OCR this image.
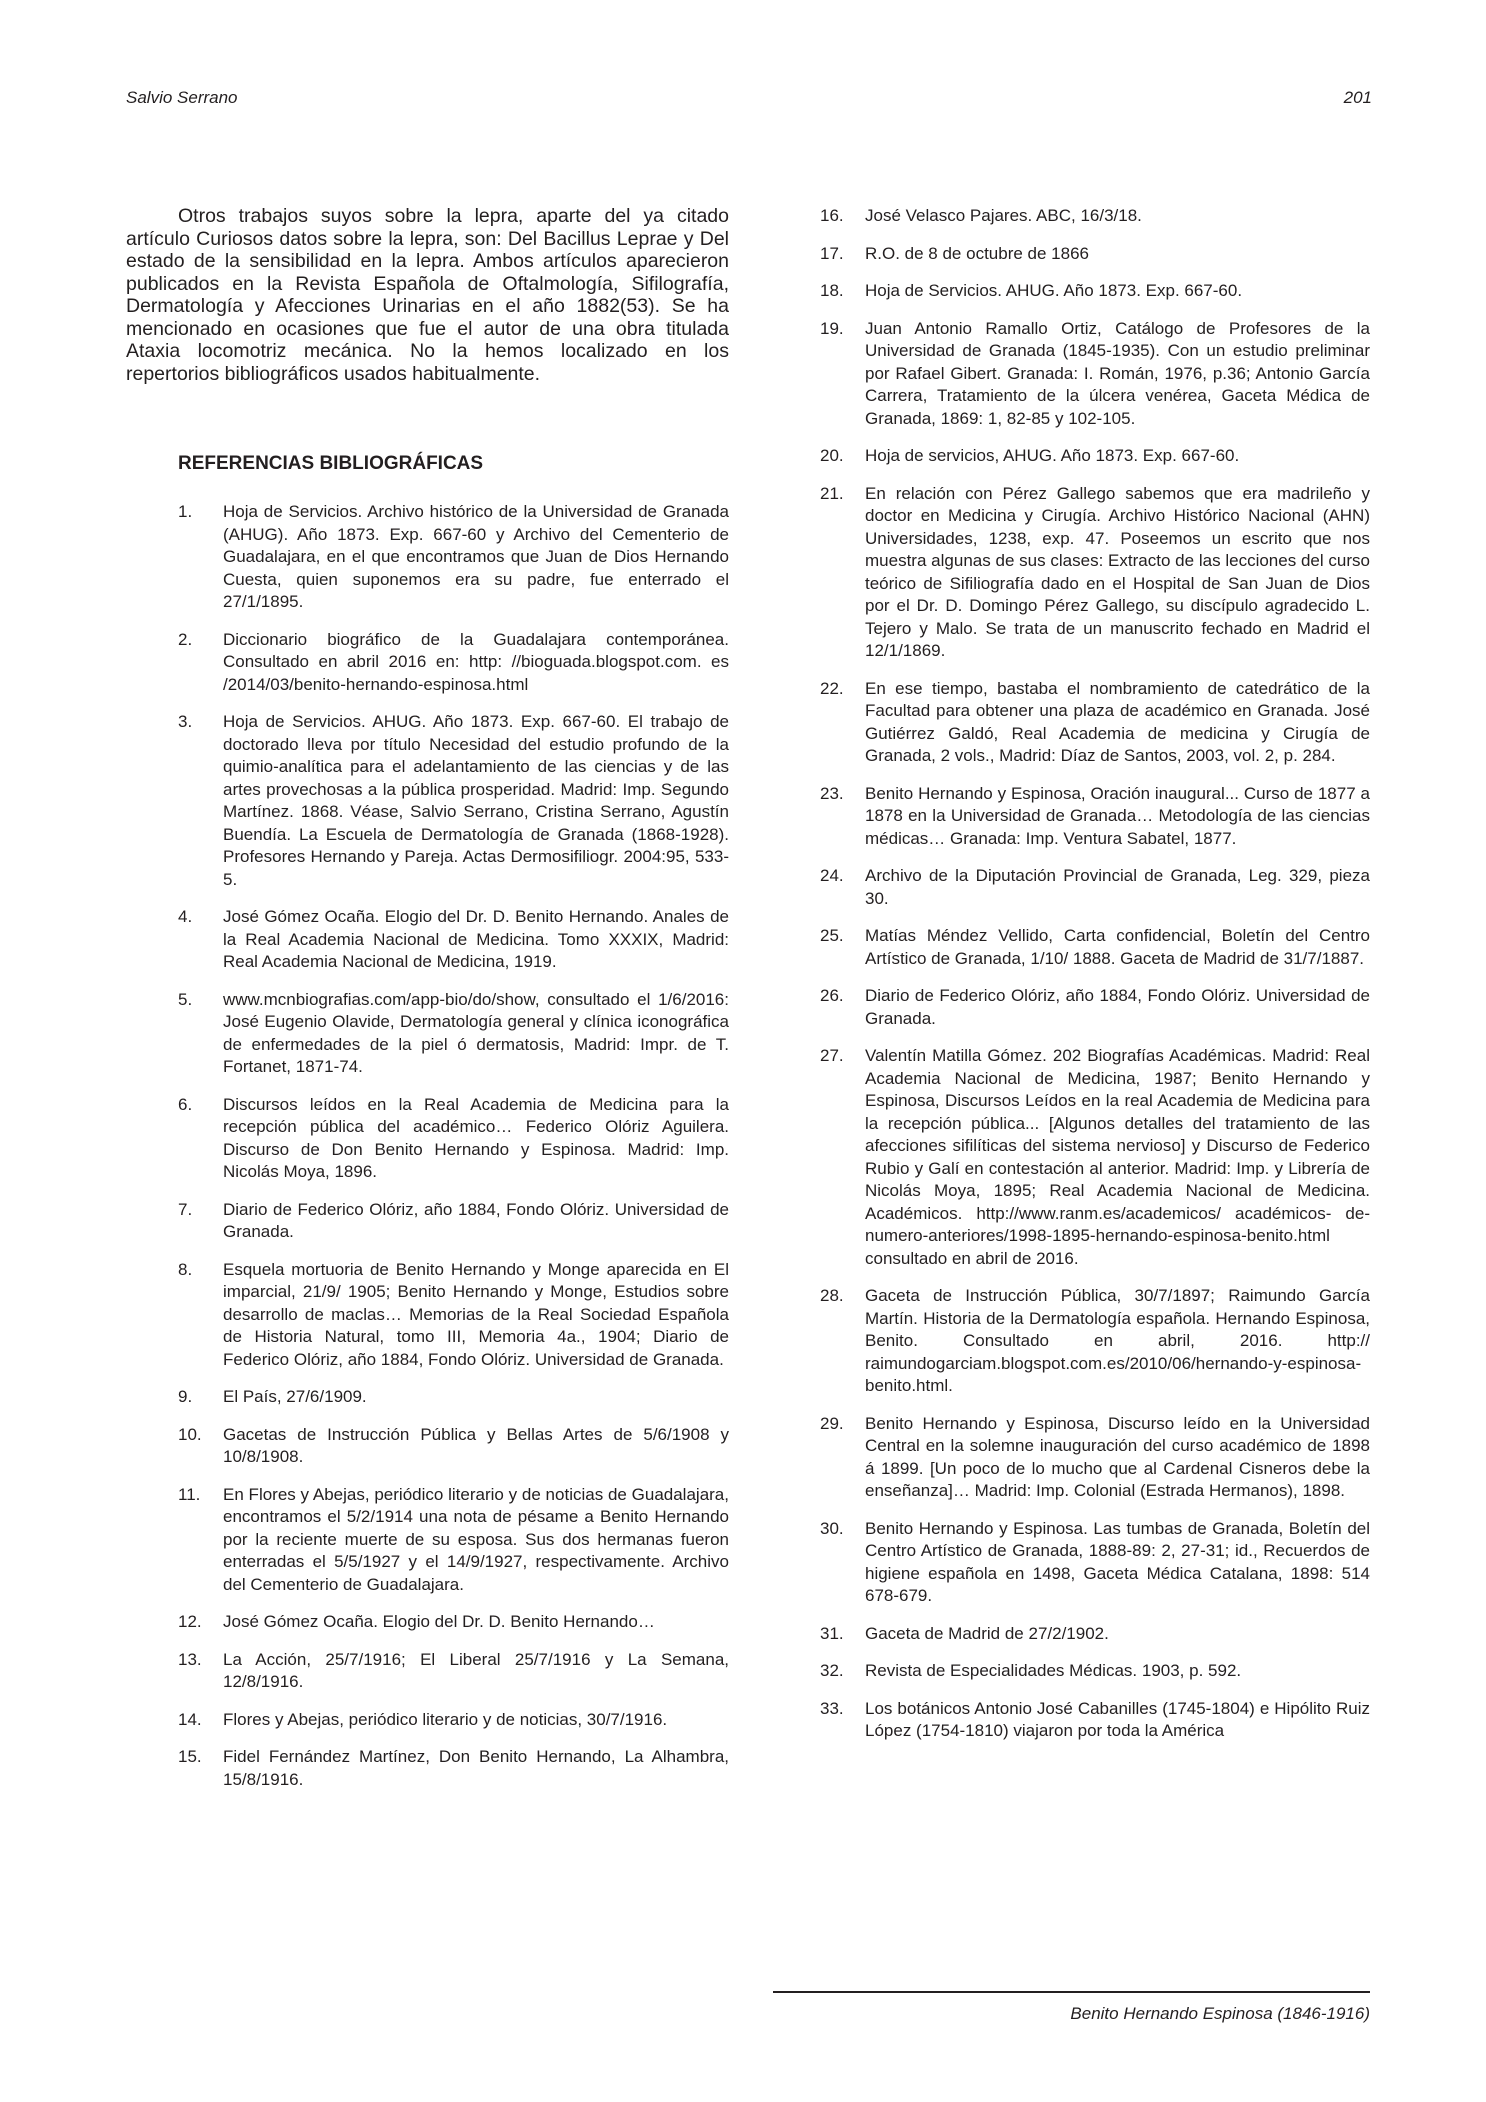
Salvio Serrano	201

Otros trabajos suyos sobre la lepra, aparte del ya citado artículo Curiosos datos sobre la lepra, son: Del Bacillus Leprae y Del estado de la sensibilidad en la lepra. Ambos artículos aparecieron publicados en la Revista Española de Oftalmología, Sifilografía, Dermatología y Afecciones Urinarias en el año 1882(53). Se ha mencionado en ocasiones que fue el autor de una obra titulada Ataxia locomotriz mecánica. No la hemos localizado en los repertorios bibliográficos usados habitualmente.

REFERENCIAS BIBLIOGRÁFICAS
1.	Hoja de Servicios. Archivo histórico de la Universidad de Granada (AHUG). Año 1873. Exp. 667-60 y Archivo del Cementerio de Guadalajara, en el que encontramos que Juan de Dios Hernando Cuesta, quien suponemos era su padre, fue enterrado el 27/1/1895.
2.	Diccionario biográfico de la Guadalajara contemporánea. Consultado en abril 2016 en: http: //bioguada.blogspot.com. es /2014/03/benito-hernando-espinosa.html
3.	Hoja de Servicios. AHUG. Año 1873. Exp. 667-60. El trabajo de doctorado lleva por título Necesidad del estudio profundo de la quimio-analítica para el adelantamiento de las ciencias y de las artes provechosas a la pública prosperidad. Madrid: Imp. Segundo Martínez. 1868. Véase, Salvio Serrano, Cristina Serrano, Agustín Buendía. La Escuela de Dermatología de Granada (1868-1928). Profesores Hernando y Pareja. Actas Dermosifiliogr. 2004:95, 533-5.
4.	José Gómez Ocaña. Elogio del Dr. D. Benito Hernando. Anales de la Real Academia Nacional de Medicina. Tomo XXXIX, Madrid: Real Academia Nacional de Medicina, 1919.
5.	www.mcnbiografias.com/app-bio/do/show, consultado el 1/6/2016: José Eugenio Olavide, Dermatología general y clínica iconográfica de enfermedades de la piel ó dermatosis, Madrid: Impr. de T. Fortanet, 1871-74.
6.	Discursos leídos en la Real Academia de Medicina para la recepción pública del académico… Federico Olóriz Aguilera. Discurso de Don Benito Hernando y Espinosa. Madrid: Imp. Nicolás Moya, 1896.
7.	Diario de Federico Olóriz, año 1884, Fondo Olóriz. Universidad de Granada.
8.	Esquela mortuoria de Benito Hernando y Monge aparecida en El imparcial, 21/9/ 1905; Benito Hernando y Monge, Estudios sobre desarrollo de maclas… Memorias de la Real Sociedad Española de Historia Natural, tomo III, Memoria 4a., 1904; Diario de Federico Olóriz, año 1884, Fondo Olóriz. Universidad de Granada.
9.	El País, 27/6/1909.
10.	Gacetas de Instrucción Pública y Bellas Artes de 5/6/1908 y 10/8/1908.
11.	En Flores y Abejas, periódico literario y de noticias de Guadalajara, encontramos el 5/2/1914 una nota de pésame a Benito Hernando por la reciente muerte de su esposa. Sus dos hermanas fueron enterradas el 5/5/1927 y el 14/9/1927, respectivamente. Archivo del Cementerio de Guadalajara.
12.	José Gómez Ocaña. Elogio del Dr. D. Benito Hernando…
13.	La Acción, 25/7/1916; El Liberal 25/7/1916 y La Semana, 12/8/1916.
14.	Flores y Abejas, periódico literario y de noticias, 30/7/1916.
15.	Fidel Fernández Martínez, Don Benito Hernando, La Alhambra, 15/8/1916.
16.	José Velasco Pajares. ABC, 16/3/18.
17.	R.O. de 8 de octubre de 1866
18.	Hoja de Servicios. AHUG. Año 1873. Exp. 667-60.
19.	Juan Antonio Ramallo Ortiz, Catálogo de Profesores de la Universidad de Granada (1845-1935). Con un estudio preliminar por Rafael Gibert. Granada: I. Román, 1976, p.36; Antonio García Carrera, Tratamiento de la úlcera venérea, Gaceta Médica de Granada, 1869: 1, 82-85 y 102-105.
20.	Hoja de servicios, AHUG. Año 1873. Exp. 667-60.
21.	En relación con Pérez Gallego sabemos que era madrileño y doctor en Medicina y Cirugía. Archivo Histórico Nacional (AHN) Universidades, 1238, exp. 47. Poseemos un escrito que nos muestra algunas de sus clases: Extracto de las lecciones del curso teórico de Sifiliografía dado en el Hospital de San Juan de Dios por el Dr. D. Domingo Pérez Gallego, su discípulo agradecido L. Tejero y Malo. Se trata de un manuscrito fechado en Madrid el 12/1/1869.
22.	En ese tiempo, bastaba el nombramiento de catedrático de la Facultad para obtener una plaza de académico en Granada. José Gutiérrez Galdó, Real Academia de medicina y Cirugía de Granada, 2 vols., Madrid: Díaz de Santos, 2003, vol. 2, p. 284.
23.	Benito Hernando y Espinosa, Oración inaugural... Curso de 1877 a 1878 en la Universidad de Granada… Metodología de las ciencias médicas… Granada: Imp. Ventura Sabatel, 1877.
24.	Archivo de la Diputación Provincial de Granada, Leg. 329, pieza 30.
25.	Matías Méndez Vellido, Carta confidencial, Boletín del Centro Artístico de Granada, 1/10/ 1888. Gaceta de Madrid de 31/7/1887.
26.	Diario de Federico Olóriz, año 1884, Fondo Olóriz. Universidad de Granada.
27.	Valentín Matilla Gómez. 202 Biografías Académicas. Madrid: Real Academia Nacional de Medicina, 1987; Benito Hernando y Espinosa, Discursos Leídos en la real Academia de Medicina para la recepción pública... [Algunos detalles del tratamiento de las afecciones sifilíticas del sistema nervioso] y Discurso de Federico Rubio y Galí en contestación al anterior. Madrid: Imp. y Librería de Nicolás Moya, 1895; Real Academia Nacional de Medicina. Académicos. http://www.ranm.es/academicos/ académicos- de-numero-anteriores/1998-1895-hernando-espinosa-benito.html consultado en abril de 2016.
28.	Gaceta de Instrucción Pública, 30/7/1897; Raimundo García Martín. Historia de la Dermatología española. Hernando Espinosa, Benito. Consultado en abril, 2016. http:// raimundogarciam.blogspot.com.es/2010/06/hernando-y-espinosa-benito.html.
29.	Benito Hernando y Espinosa, Discurso leído en la Universidad Central en la solemne inauguración del curso académico de 1898 á 1899. [Un poco de lo mucho que al Cardenal Cisneros debe la enseñanza]… Madrid: Imp. Colonial (Estrada Hermanos), 1898.
30.	Benito Hernando y Espinosa. Las tumbas de Granada, Boletín del Centro Artístico de Granada, 1888-89: 2, 27-31; id., Recuerdos de higiene española en 1498, Gaceta Médica Catalana, 1898: 514 678-679.
31.	Gaceta de Madrid de 27/2/1902.
32.	Revista de Especialidades Médicas. 1903, p. 592.
33.	Los botánicos Antonio José Cabanilles (1745-1804) e Hipólito Ruiz López (1754-1810) viajaron por toda la América
Benito Hernando Espinosa (1846-1916)
